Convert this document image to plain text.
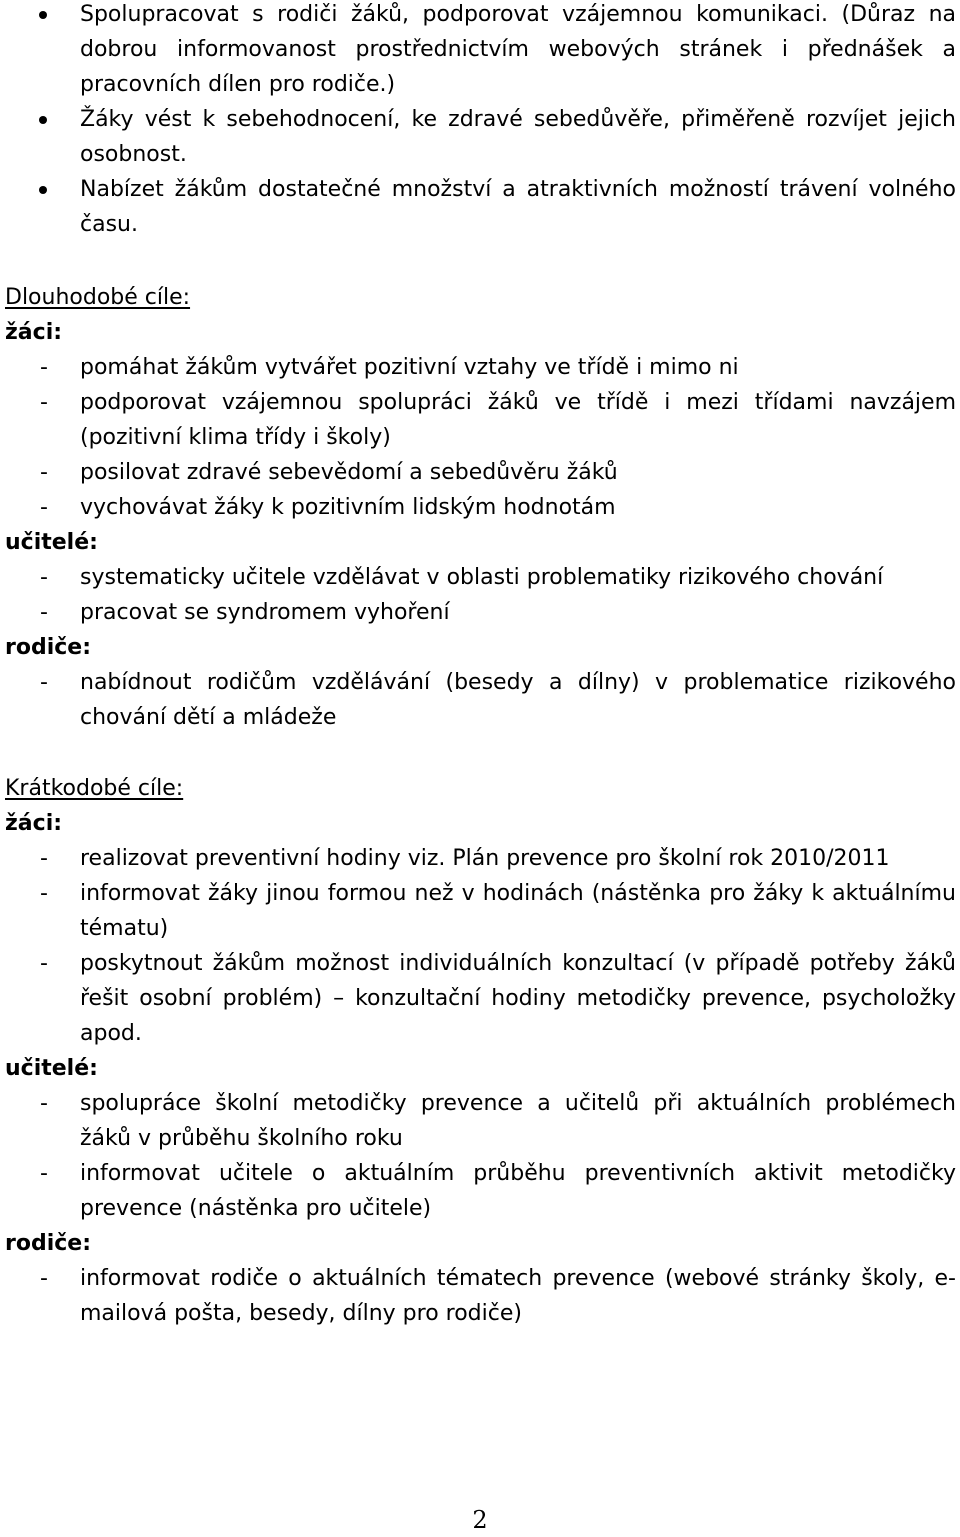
Spolupracovat s rodiči žáků, podporovat vzájemnou komunikaci. (Důraz na dobrou informovanost prostřednictvím webových stránek i přednášek a pracovních dílen pro rodiče.)
Žáky vést k sebehodnocení, ke zdravé sebedůvěře, přiměřeně rozvíjet jejich osobnost.
Nabízet žákům dostatečné množství a atraktivních možností trávení volného času.
Dlouhodobé cíle:
žáci:
- pomáhat žákům vytvářet pozitivní vztahy ve třídě i mimo ni
- podporovat vzájemnou spolupráci žáků ve třídě i mezi třídami navzájem (pozitivní klima třídy i školy)
- posilovat zdravé sebevědomí a sebedůvěru žáků
- vychovávat žáky k pozitivním lidským hodnotám
učitelé:
- systematicky učitele vzdělávat v oblasti problematiky rizikového chování
- pracovat se syndromem vyhoření
rodiče:
- nabídnout rodičům vzdělávání (besedy a dílny) v problematice rizikového chování dětí a mládeže
Krátkodobé cíle:
žáci:
- realizovat preventivní hodiny viz. Plán prevence pro školní rok 2010/2011
- informovat žáky jinou formou než v hodinách (nástěnka pro žáky k aktuálnímu tématu)
- poskytnout žákům možnost individuálních konzultací (v případě potřeby žáků řešit osobní problém) – konzultační hodiny metodičky prevence, psycholožky apod.
učitelé:
- spolupráce školní metodičky prevence a učitelů při aktuálních problémech žáků v průběhu školního roku
- informovat učitele o aktuálním průběhu preventivních aktivit metodičky prevence (nástěnka pro učitele)
rodiče:
- informovat rodiče o aktuálních tématech prevence (webové stránky školy, e-mailová pošta, besedy, dílny pro rodiče)
2
